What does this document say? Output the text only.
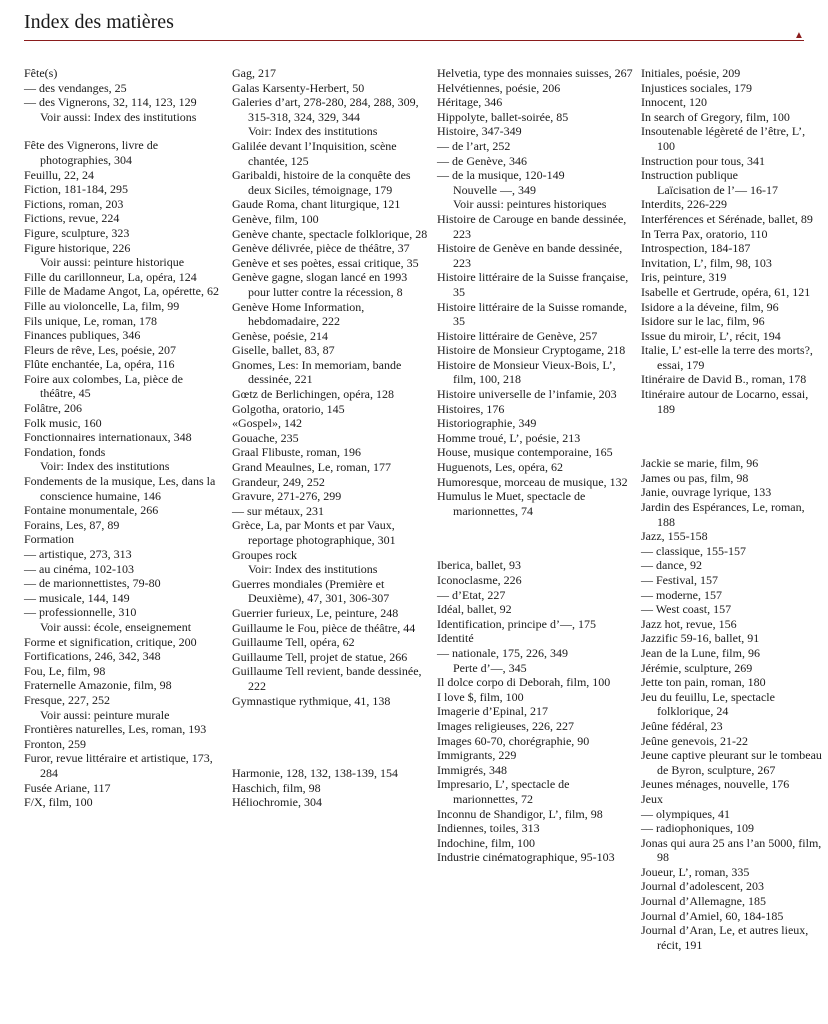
Index des matières
▲

Fête(s)

— des vendanges, 25

— des Vignerons, 32, 114, 123, 129

Voir aussi: Index des institutions

Fête des Vignerons, livre de photographies, 304

Feuillu, 22, 24

Fiction, 181-184, 295

Fictions, roman, 203

Fictions, revue, 224

Figure, sculpture, 323

Figure historique, 226

Voir aussi: peinture historique

Fille du carillonneur, La, opéra, 124

Fille de Madame Angot, La, opérette, 62

Fille au violoncelle, La, film, 99

Fils unique, Le, roman, 178

Finances publiques, 346

Fleurs de rêve, Les, poésie, 207

Flûte enchantée, La, opéra, 116

Foire aux colombes, La, pièce de théâtre, 45

Folâtre, 206

Folk music, 160

Fonctionnaires internationaux, 348

Fondation, fonds

Voir: Index des institutions

Fondements de la musique, Les, dans la conscience humaine, 146

Fontaine monumentale, 266

Forains, Les, 87, 89

Formation

— artistique, 273, 313

— au cinéma, 102-103

— de marionnettistes, 79-80

— musicale, 144, 149

— professionnelle, 310

Voir aussi: école, enseignement

Forme et signification, critique, 200

Fortifications, 246, 342, 348

Fou, Le, film, 98

Fraternelle Amazonie, film, 98

Fresque, 227, 252

Voir aussi: peinture murale

Frontières naturelles, Les, roman, 193

Fronton, 259

Furor, revue littéraire et artistique, 173, 284

Fusée Ariane, 117

F/X, film, 100

Gag, 217

Galas Karsenty-Herbert, 50

Galeries d’art, 278-280, 284, 288, 309, 315-318, 324, 329, 344

Voir: Index des institutions

Galilée devant l’Inquisition, scène chantée, 125

Garibaldi, histoire de la conquête des deux Siciles, témoignage, 179

Gaude Roma, chant liturgique, 121

Genève, film, 100

Genève chante, spectacle folklorique, 28

Genève délivrée, pièce de théâtre, 37

Genève et ses poètes, essai critique, 35

Genève gagne, slogan lancé en 1993 pour lutter contre la récession, 8

Genève Home Information, hebdomadaire, 222

Genèse, poésie, 214

Giselle, ballet, 83, 87

Gnomes, Les: In memoriam, bande dessinée, 221

Gœtz de Berlichingen, opéra, 128

Golgotha, oratorio, 145

«Gospel», 142

Gouache, 235

Graal Flibuste, roman, 196

Grand Meaulnes, Le, roman, 177

Grandeur, 249, 252

Gravure, 271-276, 299

— sur métaux, 231

Grèce, La, par Monts et par Vaux, reportage photographique, 301

Groupes rock

Voir: Index des institutions

Guerres mondiales (Première et Deuxième), 47, 301, 306-307

Guerrier furieux, Le, peinture, 248

Guillaume le Fou, pièce de théâtre, 44

Guillaume Tell, opéra, 62

Guillaume Tell, projet de statue, 266

Guillaume Tell revient, bande dessinée, 222

Gymnastique rythmique, 41, 138

Harmonie, 128, 132, 138-139, 154

Haschich, film, 98

Héliochromie, 304

Helvetia, type des monnaies suisses, 267

Helvétiennes, poésie, 206

Héritage, 346

Hippolyte, ballet-soirée, 85

Histoire, 347-349

— de l’art, 252

— de Genève, 346

— de la musique, 120-149

Nouvelle —, 349

Voir aussi: peintures historiques

Histoire de Carouge en bande dessinée, 223

Histoire de Genève en bande dessinée, 223

Histoire littéraire de la Suisse française, 35

Histoire littéraire de la Suisse romande, 35

Histoire littéraire de Genève, 257

Histoire de Monsieur Cryptogame, 218

Histoire de Monsieur Vieux-Bois, L’, film, 100, 218

Histoire universelle de l’infamie, 203

Histoires, 176

Historiographie, 349

Homme troué, L’, poésie, 213

House, musique contemporaine, 165

Huguenots, Les, opéra, 62

Humoresque, morceau de musique, 132

Humulus le Muet, spectacle de marionnettes, 74

Iberica, ballet, 93

Iconoclasme, 226

— d’Etat, 227

Idéal, ballet, 92

Identification, principe d’—, 175

Identité

— nationale, 175, 226, 349

Perte d’—, 345

Il dolce corpo di Deborah, film, 100

I love $, film, 100

Imagerie d’Epinal, 217

Images religieuses, 226, 227

Images 60-70, chorégraphie, 90

Immigrants, 229

Immigrés, 348

Impresario, L’, spectacle de marionnettes, 72

Inconnu de Shandigor, L’, film, 98

Indiennes, toiles, 313

Indochine, film, 100

Industrie cinématographique, 95-103

Initiales, poésie, 209

Injustices sociales, 179

Innocent, 120

In search of Gregory, film, 100

Insoutenable légèreté de l’être, L’, 100

Instruction pour tous, 341

Instruction publique

Laïcisation de l’— 16-17

Interdits, 226-229

Interférences et Sérénade, ballet, 89

In Terra Pax, oratorio, 110

Introspection, 184-187

Invitation, L’, film, 98, 103

Iris, peinture, 319

Isabelle et Gertrude, opéra, 61, 121

Isidore a la déveine, film, 96

Isidore sur le lac, film, 96

Issue du miroir, L’, récit, 194

Italie, L’ est-elle la terre des morts?, essai, 179

Itinéraire de David B., roman, 178

Itinéraire autour de Locarno, essai, 189

Jackie se marie, film, 96

James ou pas, film, 98

Janie, ouvrage lyrique, 133

Jardin des Espérances, Le, roman, 188

Jazz, 155-158

— classique, 155-157

— dance, 92

— Festival, 157

— moderne, 157

— West coast, 157

Jazz hot, revue, 156

Jazzific 59-16, ballet, 91

Jean de la Lune, film, 96

Jérémie, sculpture, 269

Jette ton pain, roman, 180

Jeu du feuillu, Le, spectacle folklorique, 24

Jeûne fédéral, 23

Jeûne genevois, 21-22

Jeune captive pleurant sur le tombeau de Byron, sculpture, 267

Jeunes ménages, nouvelle, 176

Jeux

— olympiques, 41

— radiophoniques, 109

Jonas qui aura 25 ans l’an 5000, film, 98

Joueur, L’, roman, 335

Journal d’adolescent, 203

Journal d’Allemagne, 185

Journal d’Amiel, 60, 184-185

Journal d’Aran, Le, et autres lieux, récit, 191
